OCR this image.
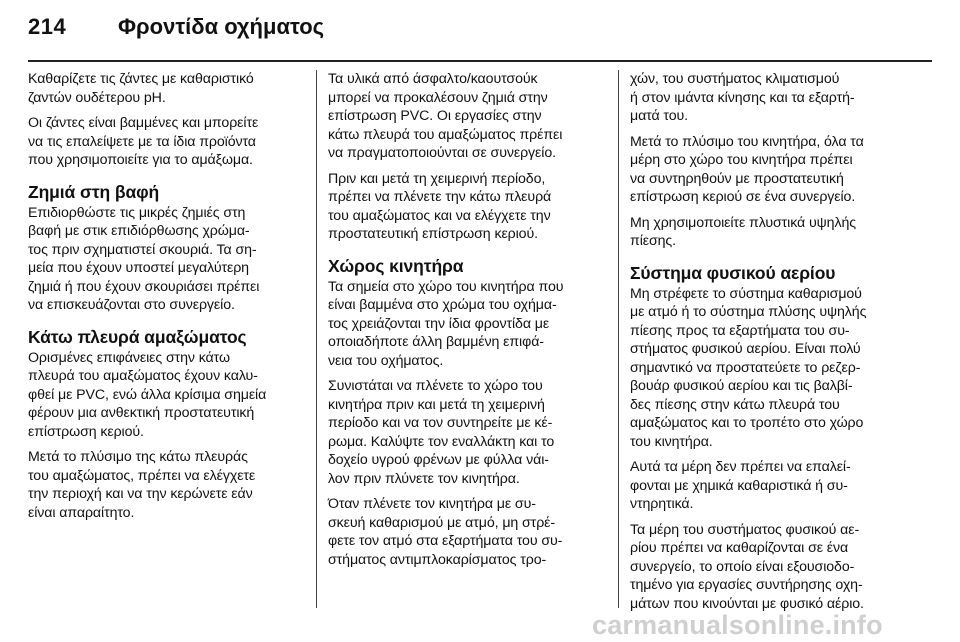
214 Φροντίδα οχήματος

Καθαρίζετε τις ζάντες με καθαριστικό
ζαντών ουδέτερου pH.

Οι ζάντες είναι βαμμένες και μπορείτε
να τις επαλείψετε με τα ίδια προϊόντα
που χρησιμοποιείτε για το αμάξωμα.

Ζημιά στη βαφή

Επιδιορθώστε τις μικρές ζημιές στη
βαφή με στικ επιδιόρθωσης χρώμα-
τος πριν σχηματιστεί σκουριά. Τα ση-
μεία που έχουν υποστεί μεγαλύτερη
ζημιά ή που έχουν σκουριάσει πρέπει
να επισκευάζονται στο συνεργείο.

Κάτω πλευρά αμαξώματος

Ορισμένες επιφάνειες στην κάτω
πλευρά του αμαξώματος έχουν καλυ-
φθεί με PVC, ενώ άλλα κρίσιμα σημεία
φέρουν μια ανθεκτική προστατευτική
επίστρωση κεριού.

Μετά το πλύσιμο της κάτω πλευράς
του αμαξώματος, πρέπει να ελέγχετε
την περιοχή και να την κερώνετε εάν
είναι απαραίτητο.

Τα υλικά από άσφαλτο/καουτσούκ
μπορεί να προκαλέσουν ζημιά στην
επίστρωση PVC. Οι εργασίες στην
κάτω πλευρά του αμαξώματος πρέπει
να πραγματοποιούνται σε συνεργείο.

Πριν και μετά τη χειμερινή περίοδο,
πρέπει να πλένετε την κάτω πλευρά
του αμαξώματος και να ελέγχετε την
προστατευτική επίστρωση κεριού.

Χώρος κινητήρα

Τα σημεία στο χώρο του κινητήρα που
είναι βαμμένα στο χρώμα του οχήμα-
τος χρειάζονται την ίδια φροντίδα με
οποιαδήποτε άλλη βαμμένη επιφά-
νεια του οχήματος.

Συνιστάται να πλένετε το χώρο του
κινητήρα πριν και μετά τη χειμερινή
περίοδο και να τον συντηρείτε με κέ-
ρωμα. Καλύψτε τον εναλλάκτη και το
δοχείο υγρού φρένων με φύλλα νάι-
λον πριν πλύνετε τον κινητήρα.

Όταν πλένετε τον κινητήρα με συ-
σκευή καθαρισμού με ατμό, μη στρέ-
φετε τον ατμό στα εξαρτήματα του συ-
στήματος αντιμπλοκαρίσματος τρο-

χών, του συστήματος κλιματισμού
ή στον ιμάντα κίνησης και τα εξαρτή-
ματά του.

Μετά το πλύσιμο του κινητήρα, όλα τα
μέρη στο χώρο του κινητήρα πρέπει
να συντηρηθούν με προστατευτική
επίστρωση κεριού σε ένα συνεργείο.

Μη χρησιμοποιείτε πλυστικά υψηλής
πίεσης.

Σύστημα φυσικού αερίου

Μη στρέφετε το σύστημα καθαρισμού
με ατμό ή το σύστημα πλύσης υψηλής
πίεσης προς τα εξαρτήματα του συ-
στήματος φυσικού αερίου. Είναι πολύ
σημαντικό να προστατεύετε το ρεζερ-
βουάρ φυσικού αερίου και τις βαλβί-
δες πίεσης στην κάτω πλευρά του
αμαξώματος και το τροπέτο στο χώρο
του κινητήρα.

Αυτά τα μέρη δεν πρέπει να επαλεί-
φονται με χημικά καθαριστικά ή συ-
ντηρητικά.

Τα μέρη του συστήματος φυσικού αε-
ρίου πρέπει να καθαρίζονται σε ένα
συνεργείο, το οποίο είναι εξουσιοδο-
τημένο για εργασίες συντήρησης οχη-
μάτων που κινούνται με φυσικό αέριο.

carmanualsonline.info
